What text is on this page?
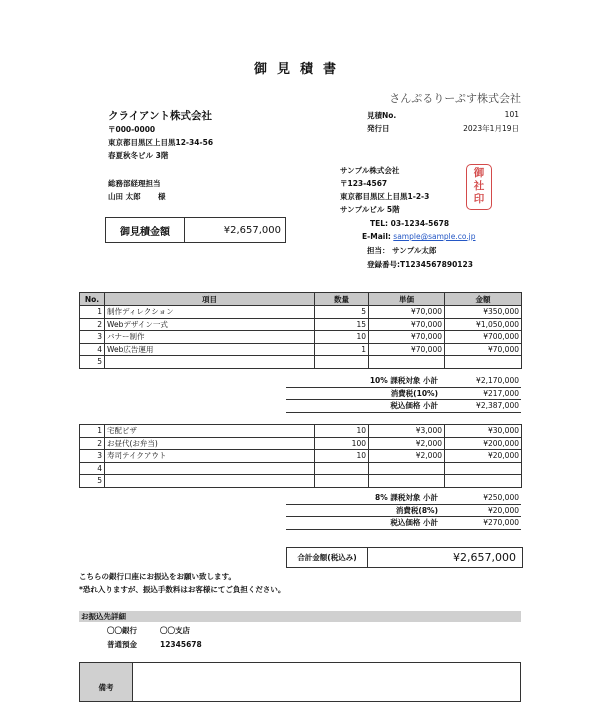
御見積書
さんぷるりーぷす株式会社
クライアント株式会社
〒000-0000
東京都目黒区上目黒12-34-56
春夏秋冬ビル 3階
総務部経理担当
山田 太郎 様
見積No.	101
発行日	2023年1月19日
御見積金額	¥2,657,000
サンプル株式会社
〒123-4567
東京都目黒区上目黒1-2-3
サンプルビル 5階
TEL: 03-1234-5678
E-Mail: sample@sample.co.jp
担当： サンプル太郎
登録番号:T1234567890123
御
社
印
No.	項目	数量	単価	金額
1	制作ディレクション	5	¥70,000	¥350,000
2	Webデザイン一式	15	¥70,000	¥1,050,000
3	バナー制作	10	¥70,000	¥700,000
4	Web広告運用	1	¥70,000	¥70,000
5				
10% 課税対象 小計	¥2,170,000
消費税(10%)	¥217,000
税込価格 小計	¥2,387,000
1	宅配ピザ	10	¥3,000	¥30,000
2	お昼代(お弁当)	100	¥2,000	¥200,000
3	寿司テイクアウト	10	¥2,000	¥20,000
4				
5				
8% 課税対象 小計	¥250,000
消費税(8%)	¥20,000
税込価格 小計	¥270,000
合計金額(税込み)	¥2,657,000
こちらの銀行口座にお振込をお願い致します。
*恐れ入りますが、振込手数料はお客様にてご負担ください。
お振込先詳細
〇〇銀行	〇〇支店
普通預金	12345678
備考
